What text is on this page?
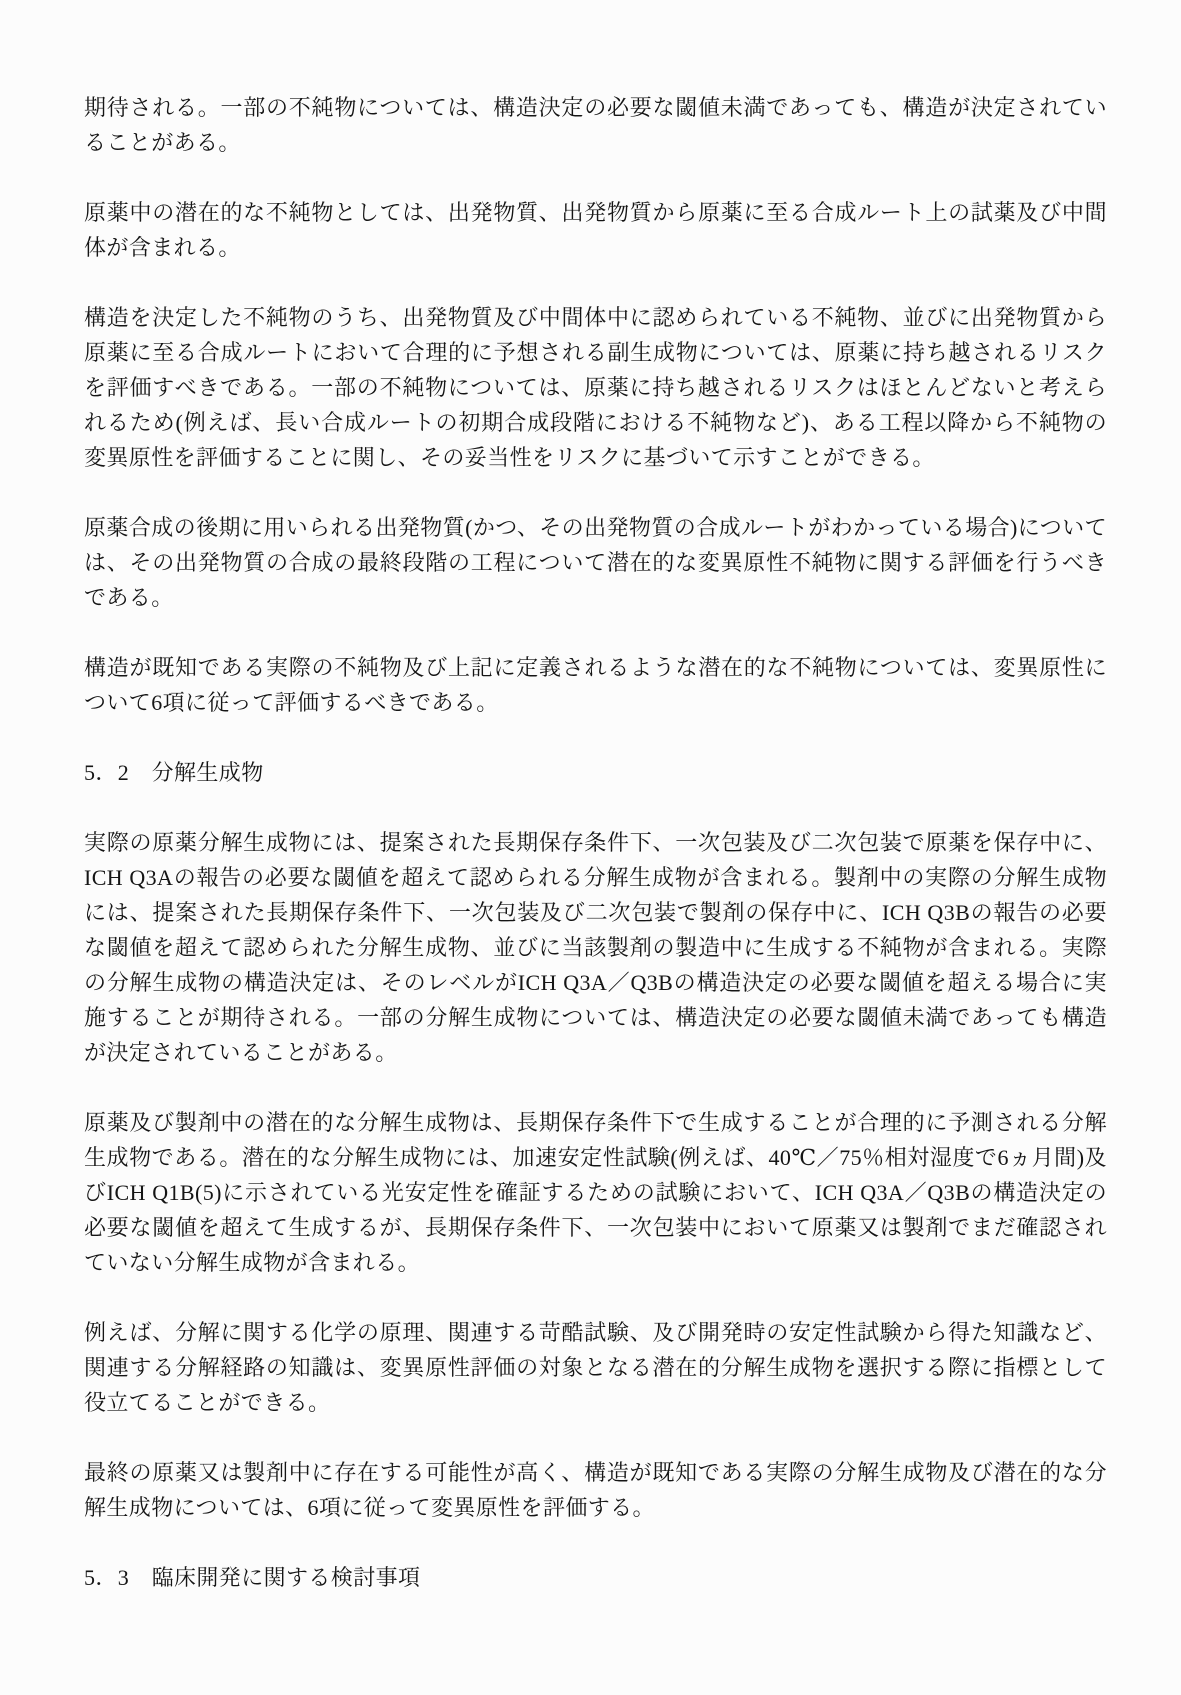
期待される。一部の不純物については、構造決定の必要な閾値未満であっても、構造が決定されていることがある。

原薬中の潜在的な不純物としては、出発物質、出発物質から原薬に至る合成ルート上の試薬及び中間体が含まれる。

構造を決定した不純物のうち、出発物質及び中間体中に認められている不純物、並びに出発物質から原薬に至る合成ルートにおいて合理的に予想される副生成物については、原薬に持ち越されるリスクを評価すべきである。一部の不純物については、原薬に持ち越されるリスクはほとんどないと考えられるため(例えば、長い合成ルートの初期合成段階における不純物など)、ある工程以降から不純物の変異原性を評価することに関し、その妥当性をリスクに基づいて示すことができる。

原薬合成の後期に用いられる出発物質(かつ、その出発物質の合成ルートがわかっている場合)については、その出発物質の合成の最終段階の工程について潜在的な変異原性不純物に関する評価を行うべきである。

構造が既知である実際の不純物及び上記に定義されるような潜在的な不純物については、変異原性について6項に従って評価するべきである。

5．2　分解生成物

実際の原薬分解生成物には、提案された長期保存条件下、一次包装及び二次包装で原薬を保存中に、ICH Q3Aの報告の必要な閾値を超えて認められる分解生成物が含まれる。製剤中の実際の分解生成物には、提案された長期保存条件下、一次包装及び二次包装で製剤の保存中に、ICH Q3Bの報告の必要な閾値を超えて認められた分解生成物、並びに当該製剤の製造中に生成する不純物が含まれる。実際の分解生成物の構造決定は、そのレベルがICH Q3A／Q3Bの構造決定の必要な閾値を超える場合に実施することが期待される。一部の分解生成物については、構造決定の必要な閾値未満であっても構造が決定されていることがある。

原薬及び製剤中の潜在的な分解生成物は、長期保存条件下で生成することが合理的に予測される分解生成物である。潜在的な分解生成物には、加速安定性試験(例えば、40℃／75％相対湿度で6ヵ月間)及びICH Q1B(5)に示されている光安定性を確証するための試験において、ICH Q3A／Q3Bの構造決定の必要な閾値を超えて生成するが、長期保存条件下、一次包装中において原薬又は製剤でまだ確認されていない分解生成物が含まれる。

例えば、分解に関する化学の原理、関連する苛酷試験、及び開発時の安定性試験から得た知識など、関連する分解経路の知識は、変異原性評価の対象となる潜在的分解生成物を選択する際に指標として役立てることができる。

最終の原薬又は製剤中に存在する可能性が高く、構造が既知である実際の分解生成物及び潜在的な分解生成物については、6項に従って変異原性を評価する。

5．3　臨床開発に関する検討事項
